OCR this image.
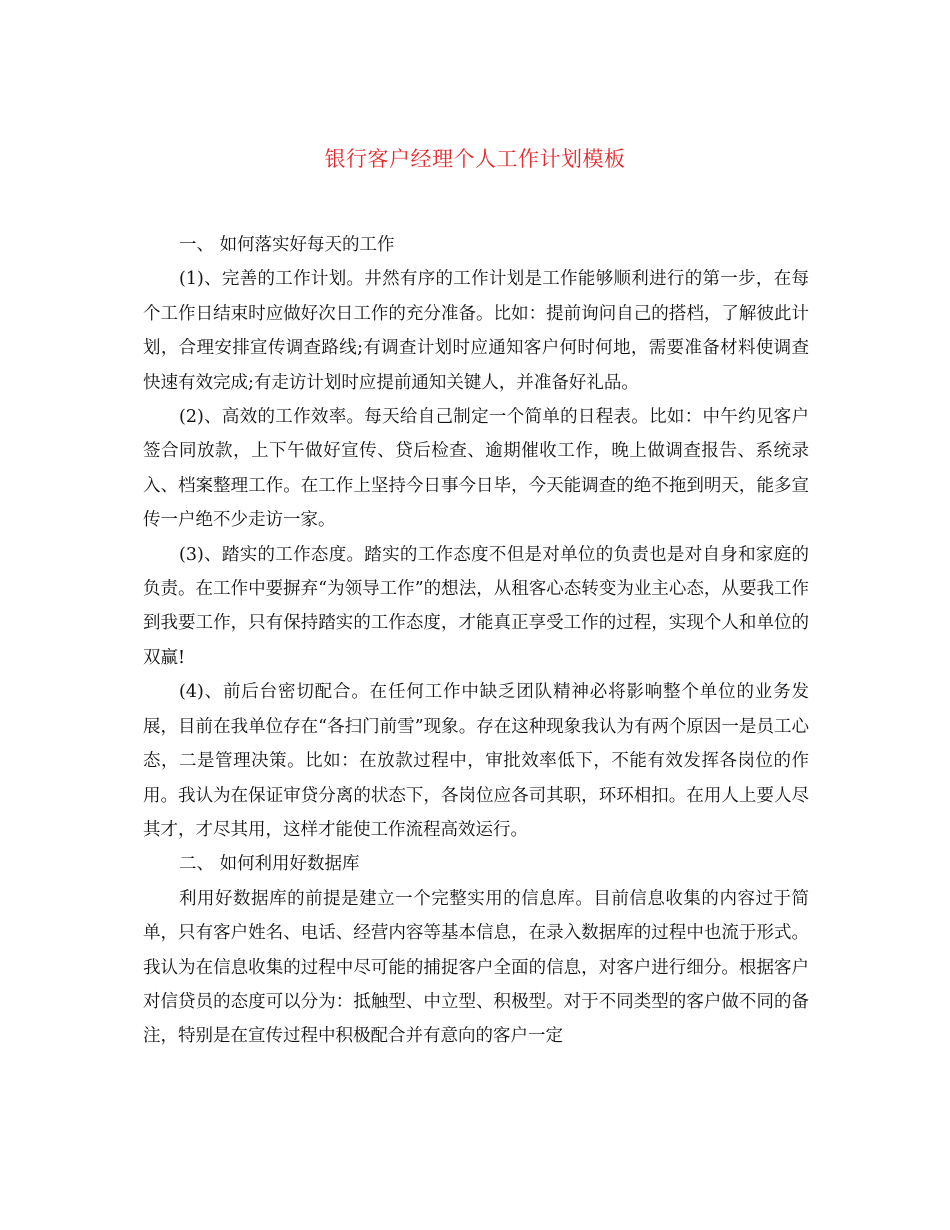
银行客户经理个人工作计划模板

一、 如何落实好每天的工作

(1)、完善的工作计划。井然有序的工作计划是工作能够顺利进行的第一步，在每个工作日结束时应做好次日工作的充分准备。比如：提前询问自己的搭档，了解彼此计划，合理安排宣传调查路线;有调查计划时应通知客户何时何地，需要准备材料使调查快速有效完成;有走访计划时应提前通知关键人，并准备好礼品。

(2)、高效的工作效率。每天给自己制定一个简单的日程表。比如：中午约见客户签合同放款，上下午做好宣传、贷后检查、逾期催收工作，晚上做调查报告、系统录入、档案整理工作。在工作上坚持今日事今日毕，今天能调查的绝不拖到明天，能多宣传一户绝不少走访一家。

(3)、踏实的工作态度。踏实的工作态度不但是对单位的负责也是对自身和家庭的负责。在工作中要摒弃“为领导工作”的想法，从租客心态转变为业主心态，从要我工作到我要工作，只有保持踏实的工作态度，才能真正享受工作的过程，实现个人和单位的双赢!

(4)、前后台密切配合。在任何工作中缺乏团队精神必将影响整个单位的业务发展，目前在我单位存在“各扫门前雪”现象。存在这种现象我认为有两个原因一是员工心态，二是管理决策。比如：在放款过程中，审批效率低下，不能有效发挥各岗位的作用。我认为在保证审贷分离的状态下，各岗位应各司其职，环环相扣。在用人上要人尽其才，才尽其用，这样才能使工作流程高效运行。

二、 如何利用好数据库

利用好数据库的前提是建立一个完整实用的信息库。目前信息收集的内容过于简单，只有客户姓名、电话、经营内容等基本信息，在录入数据库的过程中也流于形式。我认为在信息收集的过程中尽可能的捕捉客户全面的信息，对客户进行细分。根据客户对信贷员的态度可以分为：抵触型、中立型、积极型。对于不同类型的客户做不同的备注，特别是在宣传过程中积极配合并有意向的客户一定
